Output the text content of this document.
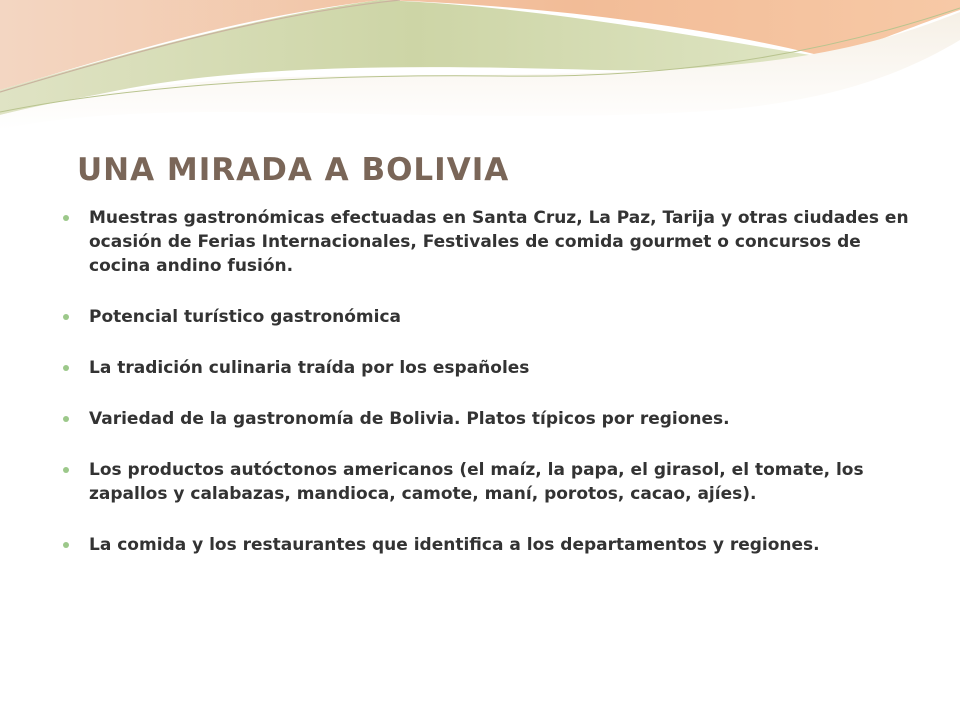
UNA MIRADA A BOLIVIA
Muestras gastronómicas efectuadas en Santa Cruz, La Paz, Tarija y otras ciudades en ocasión de Ferias Internacionales, Festivales de comida gourmet o concursos de cocina andino fusión.
Potencial turístico gastronómica
La tradición culinaria traída por los españoles
Variedad de la gastronomía de Bolivia. Platos típicos por regiones.
Los productos autóctonos americanos (el maíz, la papa, el girasol, el tomate, los zapallos y calabazas, mandioca, camote, maní, porotos, cacao, ajíes).
La comida y los restaurantes que identifica a los departamentos y regiones.
